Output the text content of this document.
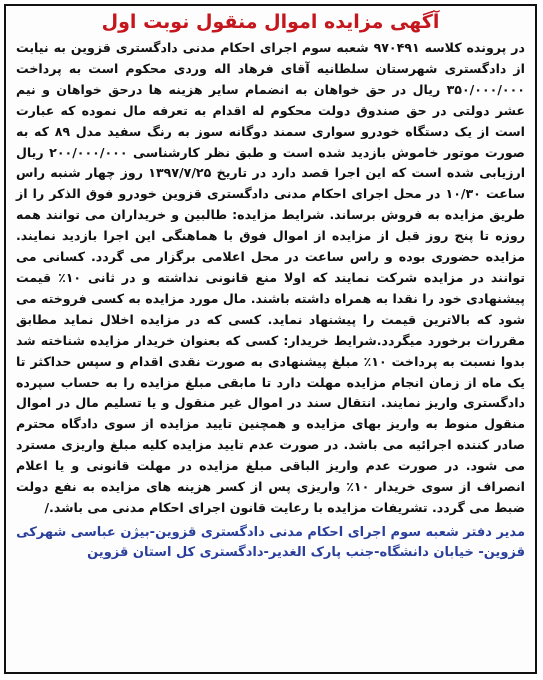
آگهی مزایده اموال منقول نوبت اول
در پرونده کلاسه ۹۷۰۴۹۱ شعبه سوم اجرای احکام مدنی دادگستری قزوین به نیابت از دادگستری شهرستان سلطانیه آقای فرهاد اله وردی محکوم است به پرداخت ۳۵۰/۰۰۰/۰۰۰ ریال در حق خواهان به انضمام سایر هزینه ها درحق خواهان و نیم عشر دولتی در حق صندوق دولت محکوم له اقدام به تعرفه مال نموده که عبارت است از یک دستگاه خودرو سواری سمند دوگانه سوز به رنگ سفید مدل ۸۹ که به صورت موتور خاموش بازدید شده است و طبق نظر کارشناسی ۲۰۰/۰۰۰/۰۰۰ ریال ارزیابی شده است که این اجرا قصد دارد در تاریخ ۱۳۹۷/۷/۲۵ روز چهار شنبه راس ساعت ۱۰/۳۰ در محل اجرای احکام مدنی دادگستری قزوین خودرو فوق الذکر را از طریق مزایده به فروش برساند. شرایط مزایده: طالبین و خریداران می توانند همه روزه تا پنج روز قبل از مزایده از اموال فوق با هماهنگی این اجرا بازدید نمایند. مزایده حضوری بوده و راس ساعت در محل اعلامی برگزار می گردد. کسانی می توانند در مزایده شرکت نمایند که اولا منع قانونی نداشته و در ثانی ۱۰٪ قیمت پیشنهادی خود را نقدا به همراه داشته باشند. مال مورد مزایده به کسی فروخته می شود که بالاترین قیمت را پیشنهاد نماید. کسی که در مزایده اخلال نماید مطابق مقررات برخورد میگردد.شرایط خریدار: کسی که بعنوان خریدار مزایده شناخته شد بدوا نسبت به پرداخت ۱۰٪ مبلغ پیشنهادی به صورت نقدی اقدام و سپس حداکثر تا یک ماه از زمان انجام مزایده مهلت دارد تا مابقی مبلغ مزایده را به حساب سپرده دادگستری واریز نمایند. انتقال سند در اموال غیر منقول و یا تسلیم مال در اموال منقول منوط به واریز بهای مزایده و همچنین تایید مزایده از سوی دادگاه محترم صادر کننده اجرائیه می باشد. در صورت عدم تایید مزایده کلیه مبلغ واریزی مسترد می شود. در صورت عدم واریز الباقی مبلغ مزایده در مهلت قانونی و یا اعلام انصراف از سوی خریدار ۱۰٪ واریزی پس از کسر هزینه های مزایده به نفع دولت ضبط می گردد. تشریفات مزایده با رعایت قانون اجرای احکام مدنی می باشد./
مدیر دفتر شعبه سوم اجرای احکام مدنی دادگستری قزوین-بیژن عباسی شهرکی
قزوین- خیابان دانشگاه-جنب پارک الغدیر-دادگستری کل استان قزوین
